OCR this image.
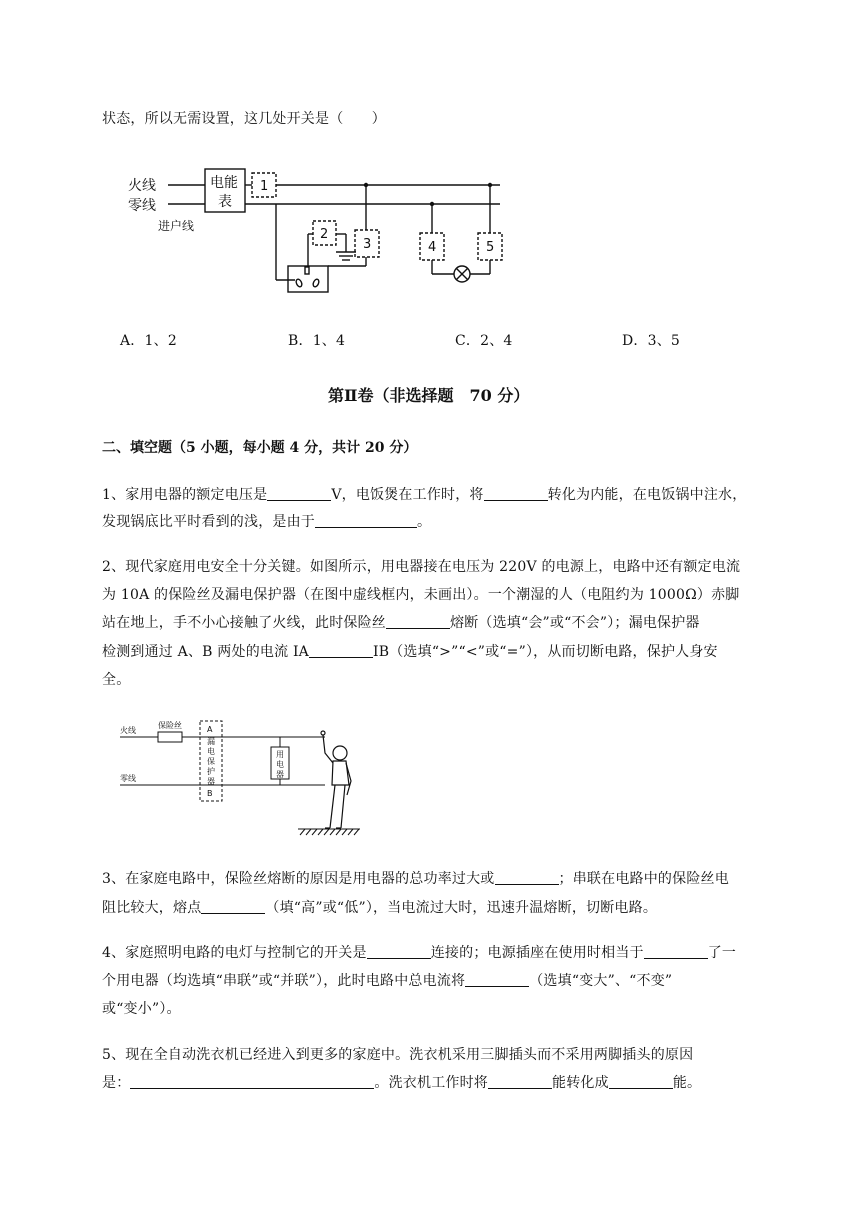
状态，所以无需设置，这几处开关是（　　）
火线
零线
进户线
电能
表
1
2
3	4	5
A．1、2	B．1、4	C．2、4	D．3、5
第Ⅱ卷（非选择题　70 分）
二、填空题（5 小题，每小题 4 分，共计 20 分）
1、家用电器的额定电压是	V，电饭煲在工作时，将	转化为内能，在电饭锅中注水，
发现锅底比平时看到的浅，是由于	。
2、现代家庭用电安全十分关键。如图所示，用电器接在电压为 220V 的电源上，电路中还有额定电流
为 10A 的保险丝及漏电保护器（在图中虚线框内，未画出）。一个潮湿的人（电阻约为 1000Ω）赤脚
站在地上，手不小心接触了火线，此时保险丝	熔断（选填“会”或“不会”）；漏电保护器
检测到通过 A、B 两处的电流 IA	IB（选填“>”“<”或“=”），从而切断电路，保护人身安
全。
火线
零线
保险丝	A
漏
电
保
护
器
B
用
电
器
3、在家庭电路中，保险丝熔断的原因是用电器的总功率过大或	；串联在电路中的保险丝电
阻比较大，熔点	（填“高”或“低”），当电流过大时，迅速升温熔断，切断电路。
4、家庭照明电路的电灯与控制它的开关是	连接的；电源插座在使用时相当于	了一
个用电器（均选填“串联”或“并联”），此时电路中总电流将	（选填“变大”、“不变”
或“变小”）。
5、现在全自动洗衣机已经进入到更多的家庭中。洗衣机采用三脚插头而不采用两脚插头的原因
是：	。洗衣机工作时将	能转化成	能。
